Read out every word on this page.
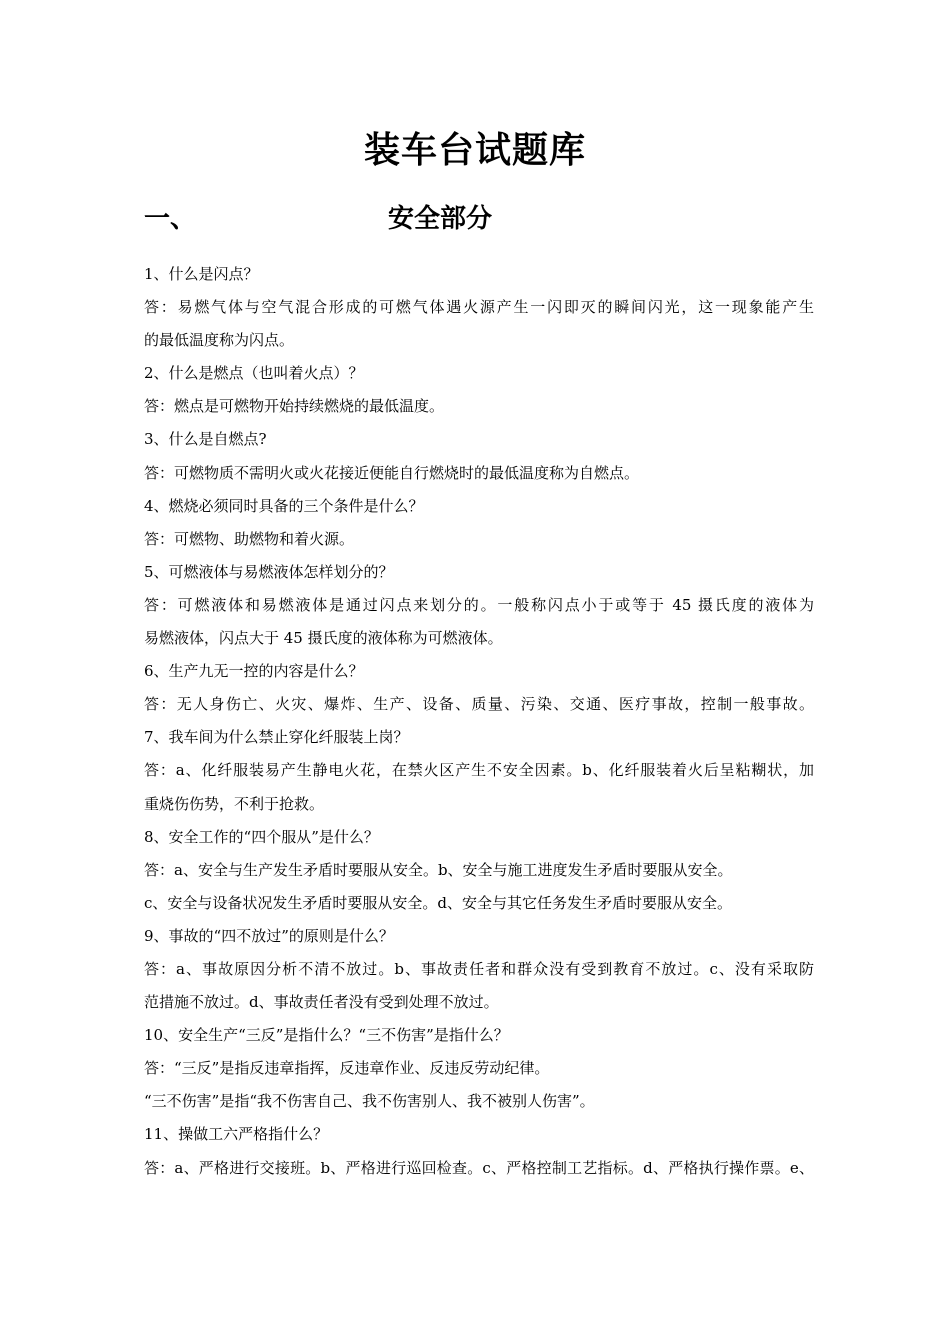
装车台试题库
一、	安全部分
1、什么是闪点？
答：易燃气体与空气混合形成的可燃气体遇火源产生一闪即灭的瞬间闪光，这一现象能产生
的最低温度称为闪点。
2、什么是燃点（也叫着火点）？
答：燃点是可燃物开始持续燃烧的最低温度。
3、什么是自燃点?
答：可燃物质不需明火或火花接近便能自行燃烧时的最低温度称为自燃点。
4、燃烧必须同时具备的三个条件是什么？
答：可燃物、助燃物和着火源。
5、可燃液体与易燃液体怎样划分的？
答：可燃液体和易燃液体是通过闪点来划分的。一般称闪点小于或等于 45 摄氏度的液体为
易燃液体，闪点大于 45 摄氏度的液体称为可燃液体。
6、生产九无一控的内容是什么？
答：无人身伤亡、火灾、爆炸、生产、设备、质量、污染、交通、医疗事故，控制一般事故。
7、我车间为什么禁止穿化纤服装上岗？
答：a、化纤服装易产生静电火花，在禁火区产生不安全因素。b、化纤服装着火后呈粘糊状，加
重烧伤伤势，不利于抢救。
8、安全工作的“四个服从”是什么？
答：a、安全与生产发生矛盾时要服从安全。b、安全与施工进度发生矛盾时要服从安全。
c、安全与设备状况发生矛盾时要服从安全。d、安全与其它任务发生矛盾时要服从安全。
9、事故的“四不放过”的原则是什么？
答：a、事故原因分析不清不放过。b、事故责任者和群众没有受到教育不放过。c、没有采取防
范措施不放过。d、事故责任者没有受到处理不放过。
10、安全生产“三反”是指什么？“三不伤害”是指什么？
答：“三反”是指反违章指挥，反违章作业、反违反劳动纪律。
“三不伤害”是指“我不伤害自己、我不伤害别人、我不被别人伤害”。
11、操做工六严格指什么？
答：a、严格进行交接班。b、严格进行巡回检查。c、严格控制工艺指标。d、严格执行操作票。e、
